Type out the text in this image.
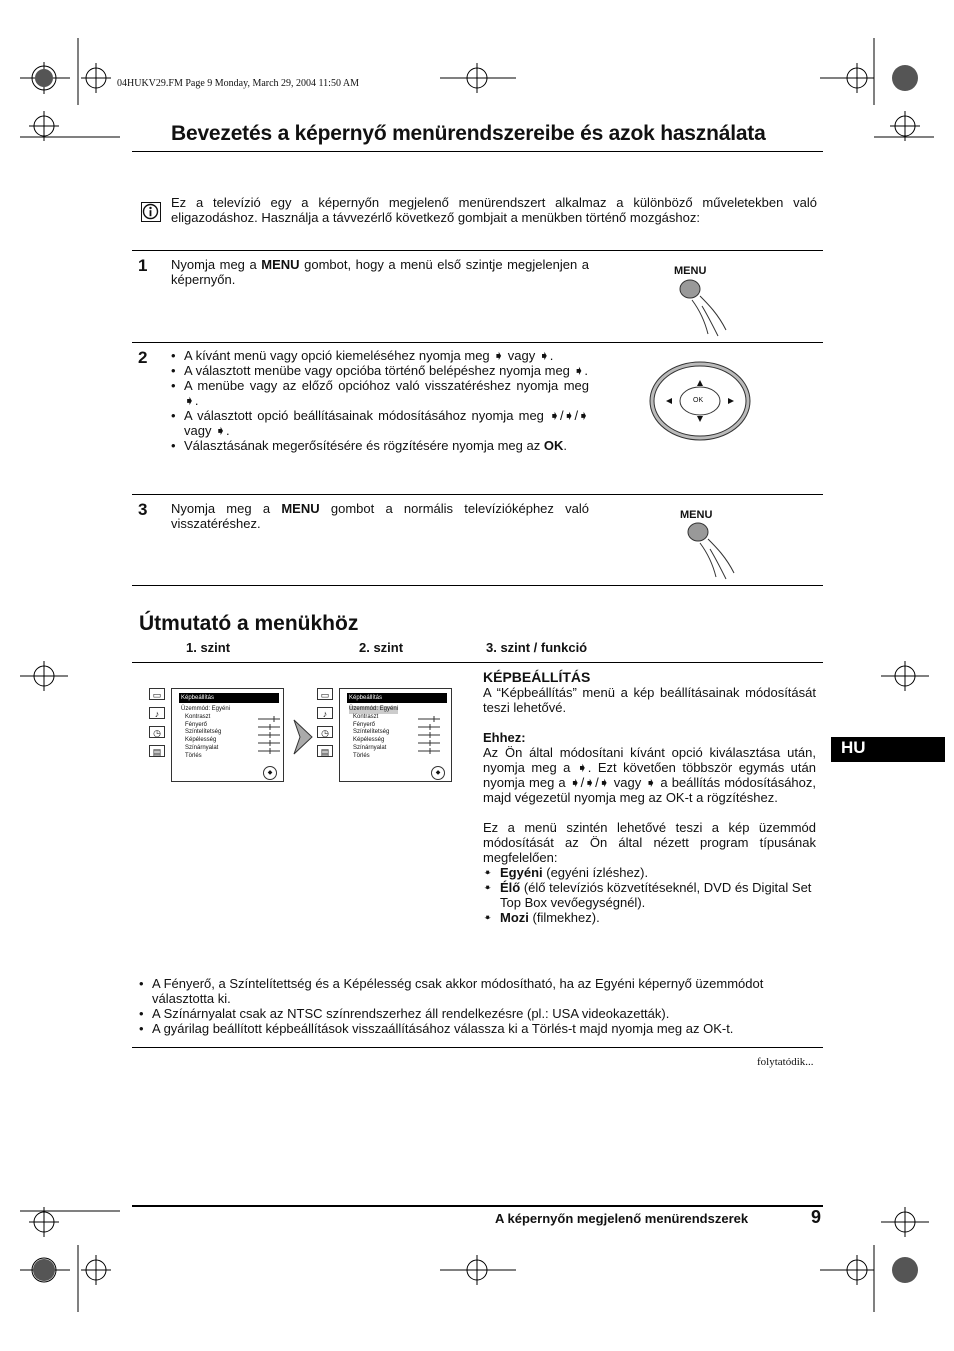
04HUKV29.FM Page 9 Monday, March 29, 2004 11:50 AM
Bevezetés a képernyő menürendszereibe és azok használata
Ez a televízió egy a képernyőn megjelenő menürendszert alkalmaz a különböző műveletekben való eligazodáshoz. Használja a távvezérlő következő gombjait a menükben történő mozgáshoz:
1 Nyomja meg a MENU gombot, hogy a menü első szintje megjelenjen a képernyőn.
MENU
2
•	A kívánt menü vagy opció kiemeléséhez nyomja meg ➧ vagy ➧.
• A választott menübe vagy opcióba történő belépéshez nyomja meg ➧.
• A menübe vagy az előző opcióhoz való visszatéréshez nyomja meg ➧.
• A választott opció beállításainak módosításához nyomja meg ➧/➧/➧ vagy ➧.
• Választásának megerősítésére és rögzítésére nyomja meg az OK.
OK
3 Nyomja meg a MENU gombot a normális televízióképhez való visszatéréshez.
MENU
Útmutató a menükhöz
1. szint	2. szint	3. szint / funkció
▭
♪
◷
▤
Képbeállítás
Üzemmód: Egyéni
Kontraszt
Fényerő
Színtelítetség
Képélesség
Színárnyalat
Törlés
◆
▭
♪
◷
▤
Képbeállítás
Üzemmód: Egyéni
Kontraszt
Fényerő
Színtelítetség
Képélesség
Színárnyalat
Törlés
◆
KÉPBEÁLLÍTÁS
A “Képbeállítás” menü a kép beállításainak módosítását teszi lehetővé.
Ehhez:
Az Ön által módosítani kívánt opció kiválasztása után, nyomja meg a ➧. Ezt követően többször egymás után nyomja meg a ➧/➧/➧ vagy ➧ a beállítás módosításához, majd végezetül nyomja meg az OK-t a rögzítéshez.
Ez a menü szintén lehetővé teszi a kép üzemmód módosítását az Ön által nézett program típusának megfelelően:
➧ Egyéni (egyéni ízléshez).
➧ Élő (élő televíziós közvetítéseknél, DVD és Digital Set Top Box vevőegységnél).
➧ Mozi (filmekhez).
HU
• A Fényerő, a Színtelítettség és a Képélesség csak akkor módosítható, ha az Egyéni képernyő üzemmódot választotta ki.
• A Színárnyalat csak az NTSC színrendszerhez áll rendelkezésre (pl.: USA videokazetták).
• A gyárilag beállított képbeállítások visszaállításához válassza ki a Törlés-t majd nyomja meg az OK-t.
folytatódik...
A képernyőn megjelenő menürendszerek	9
